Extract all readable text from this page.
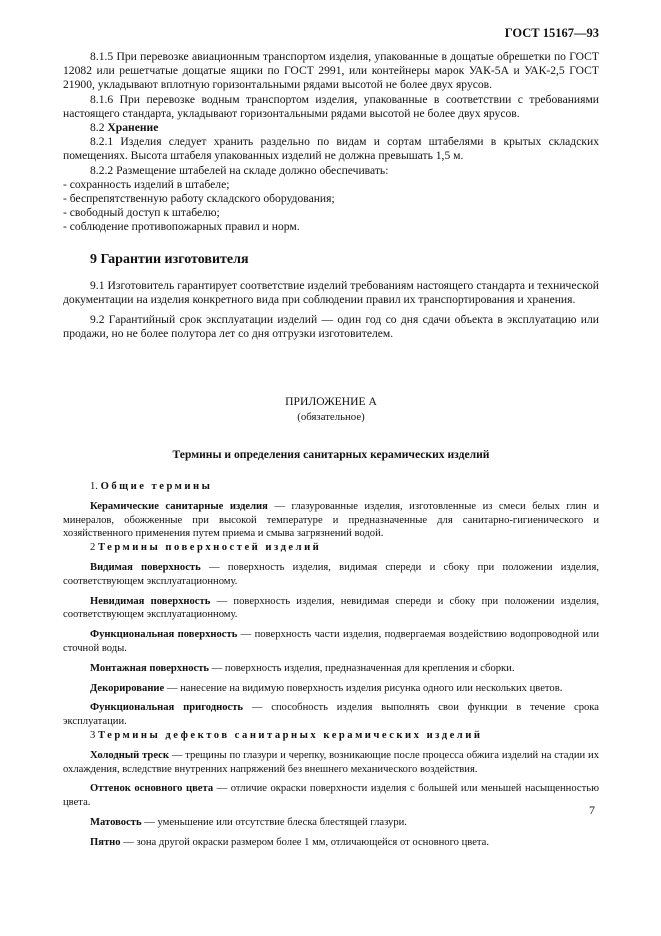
ГОСТ 15167—93

8.1.5 При перевозке авиационным транспортом изделия, упакованные в дощатые обрешетки по ГОСТ 12082 или решетчатые дощатые ящики по ГОСТ 2991, или контейнеры марок УАК-5А и УАК-2,5 ГОСТ 21900, укладывают вплотную горизонтальными рядами высотой не более двух ярусов.

8.1.6 При перевозке водным транспортом изделия, упакованные в соответствии с требованиями настоящего стандарта, укладывают горизонтальными рядами высотой не более двух ярусов.

8.2 Хранение

8.2.1 Изделия следует хранить раздельно по видам и сортам штабелями в крытых складских помещениях. Высота штабеля упакованных изделий не должна превышать 1,5 м.

8.2.2 Размещение штабелей на складе должно обеспечивать:

- сохранность изделий в штабеле;

- беспрепятственную работу складского оборудования;

- свободный доступ к штабелю;

- соблюдение противопожарных правил и норм.

9 Гарантии изготовителя

9.1 Изготовитель гарантирует соответствие изделий требованиям настоящего стандарта и технической документации на изделия конкретного вида при соблюдении правил их транспортирования и хранения.

9.2 Гарантийный срок эксплуатации изделий — один год со дня сдачи объекта в эксплуатацию или продажи, но не более полутора лет со дня отгрузки изготовителем.

ПРИЛОЖЕНИЕ А
(обязательное)
Термины и определения санитарных керамических изделий

1. Общие термины

Керамические санитарные изделия — глазурованные изделия, изготовленные из смеси белых глин и минералов, обожженные при высокой температуре и предназначенные для санитарно-гигиенического и хозяйственного применения путем приема и смыва загрязнений водой.

2 Термины поверхностей изделий

Видимая поверхность — поверхность изделия, видимая спереди и сбоку при положении изделия, соответствующем эксплуатационному.

Невидимая поверхность — поверхность изделия, невидимая спереди и сбоку при положении изделия, соответствующем эксплуатационному.

Функциональная поверхность — поверхность части изделия, подвергаемая воздействию водопроводной или сточной воды.

Монтажная поверхность — поверхность изделия, предназначенная для крепления и сборки.

Декорирование — нанесение на видимую поверхность изделия рисунка одного или нескольких цветов.

Функциональная пригодность — способность изделия выполнять свои функции в течение срока эксплуатации.

3 Термины дефектов санитарных керамических изделий

Холодный треск — трещины по глазури и черепку, возникающие после процесса обжига изделий на стадии их охлаждения, вследствие внутренних напряжений без внешнего механического воздействия.

Оттенок основного цвета — отличие окраски поверхности изделия с большей или меньшей насыщенностью цвета.

Матовость — уменьшение или отсутствие блеска блестящей глазури.

Пятно — зона другой окраски размером более 1 мм, отличающейся от основного цвета.

7
